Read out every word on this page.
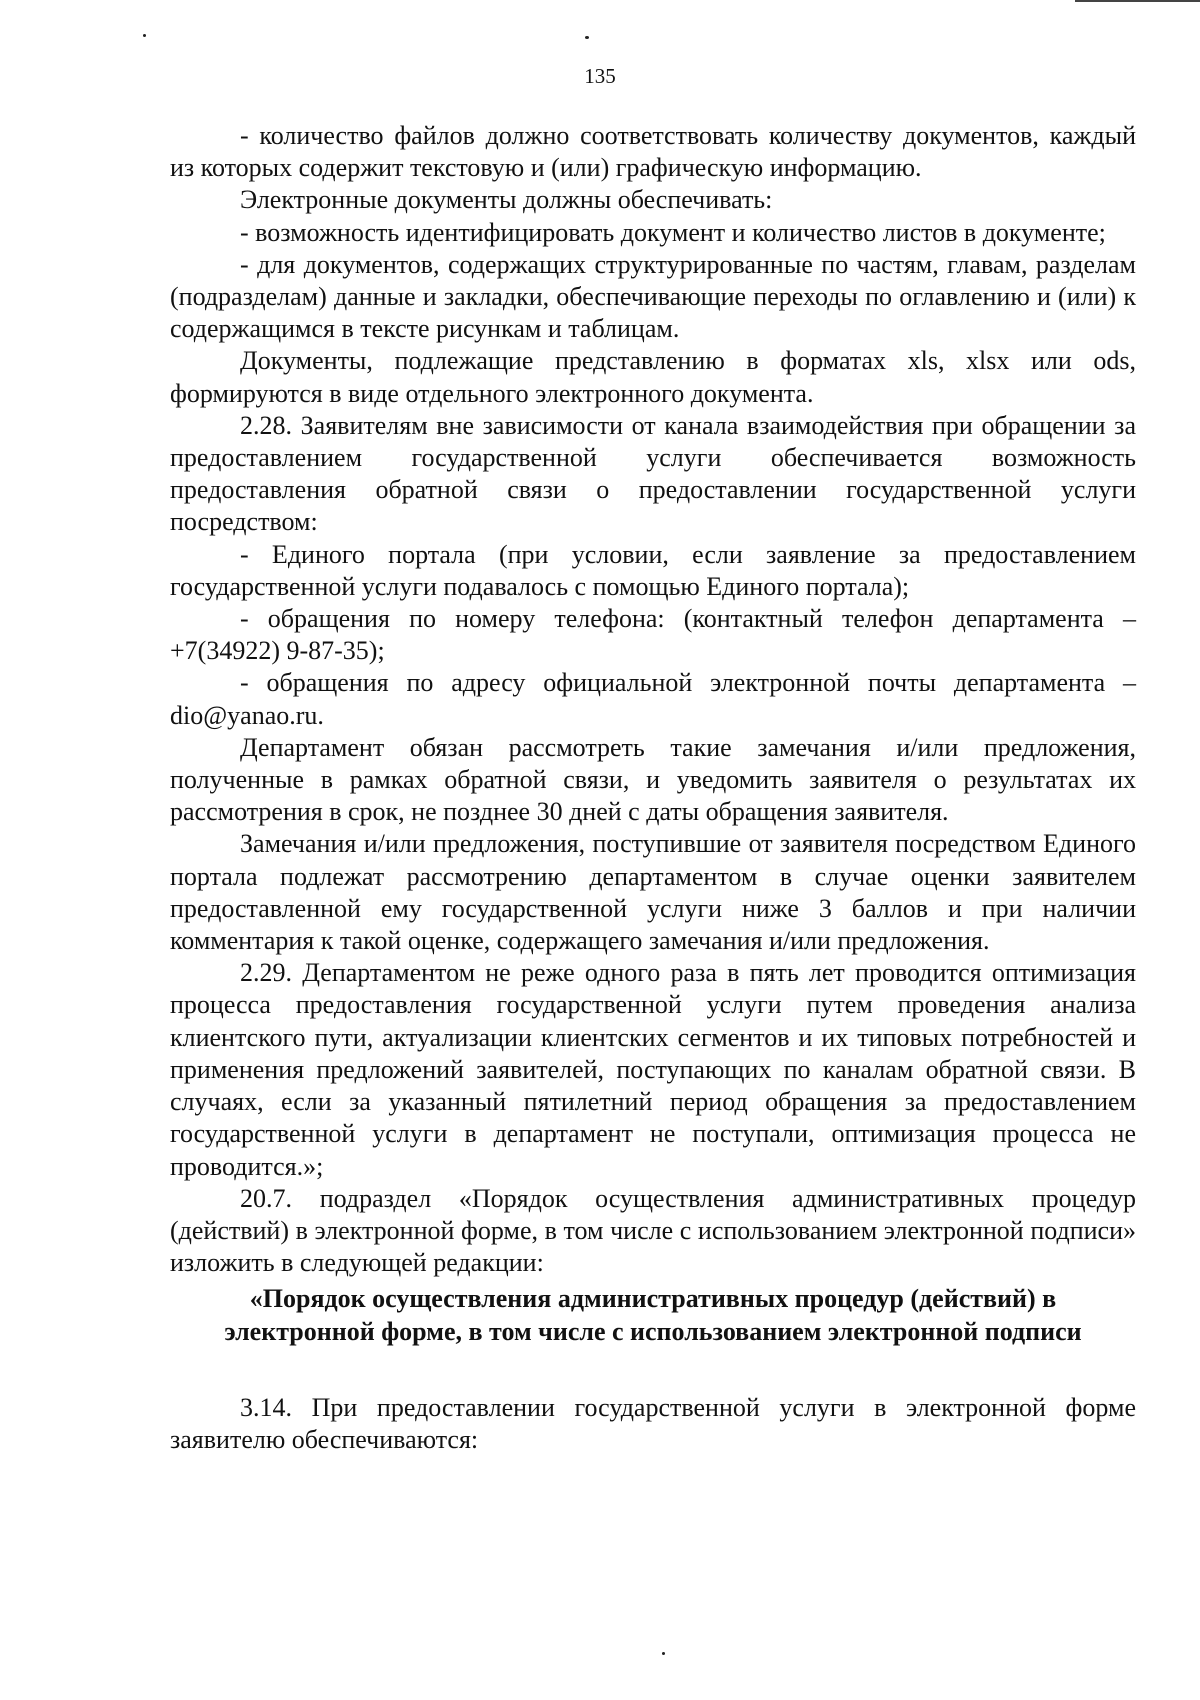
135

- количество файлов должно соответствовать количеству документов, каждый из которых содержит текстовую и (или) графическую информацию.

Электронные документы должны обеспечивать:

- возможность идентифицировать документ и количество листов в документе;

- для документов, содержащих структурированные по частям, главам, разделам (подразделам) данные и закладки, обеспечивающие переходы по оглавлению и (или) к содержащимся в тексте рисункам и таблицам.

Документы, подлежащие представлению в форматах xls, xlsx или ods, формируются в виде отдельного электронного документа.

2.28. Заявителям вне зависимости от канала взаимодействия при обращении за предоставлением государственной услуги обеспечивается возможность предоставления обратной связи о предоставлении государственной услуги посредством:

- Единого портала (при условии, если заявление за предоставлением государственной услуги подавалось с помощью Единого портала);

- обращения по номеру телефона: (контактный телефон департамента – +7(34922) 9-87-35);

- обращения по адресу официальной электронной почты департамента – dio@yanao.ru.

Департамент обязан рассмотреть такие замечания и/или предложения, полученные в рамках обратной связи, и уведомить заявителя о результатах их рассмотрения в срок, не позднее 30 дней с даты обращения заявителя.

Замечания и/или предложения, поступившие от заявителя посредством Единого портала подлежат рассмотрению департаментом в случае оценки заявителем предоставленной ему государственной услуги ниже 3 баллов и при наличии комментария к такой оценке, содержащего замечания и/или предложения.

2.29. Департаментом не реже одного раза в пять лет проводится оптимизация процесса предоставления государственной услуги путем проведения анализа клиентского пути, актуализации клиентских сегментов и их типовых потребностей и применения предложений заявителей, поступающих по каналам обратной связи. В случаях, если за указанный пятилетний период обращения за предоставлением государственной услуги в департамент не поступали, оптимизация процесса не проводится.»;

20.7. подраздел «Порядок осуществления административных процедур (действий) в электронной форме, в том числе с использованием электронной подписи» изложить в следующей редакции:

«Порядок осуществления административных процедур (действий) в электронной форме, в том числе с использованием электронной подписи

3.14. При предоставлении государственной услуги в электронной форме заявителю обеспечиваются:
